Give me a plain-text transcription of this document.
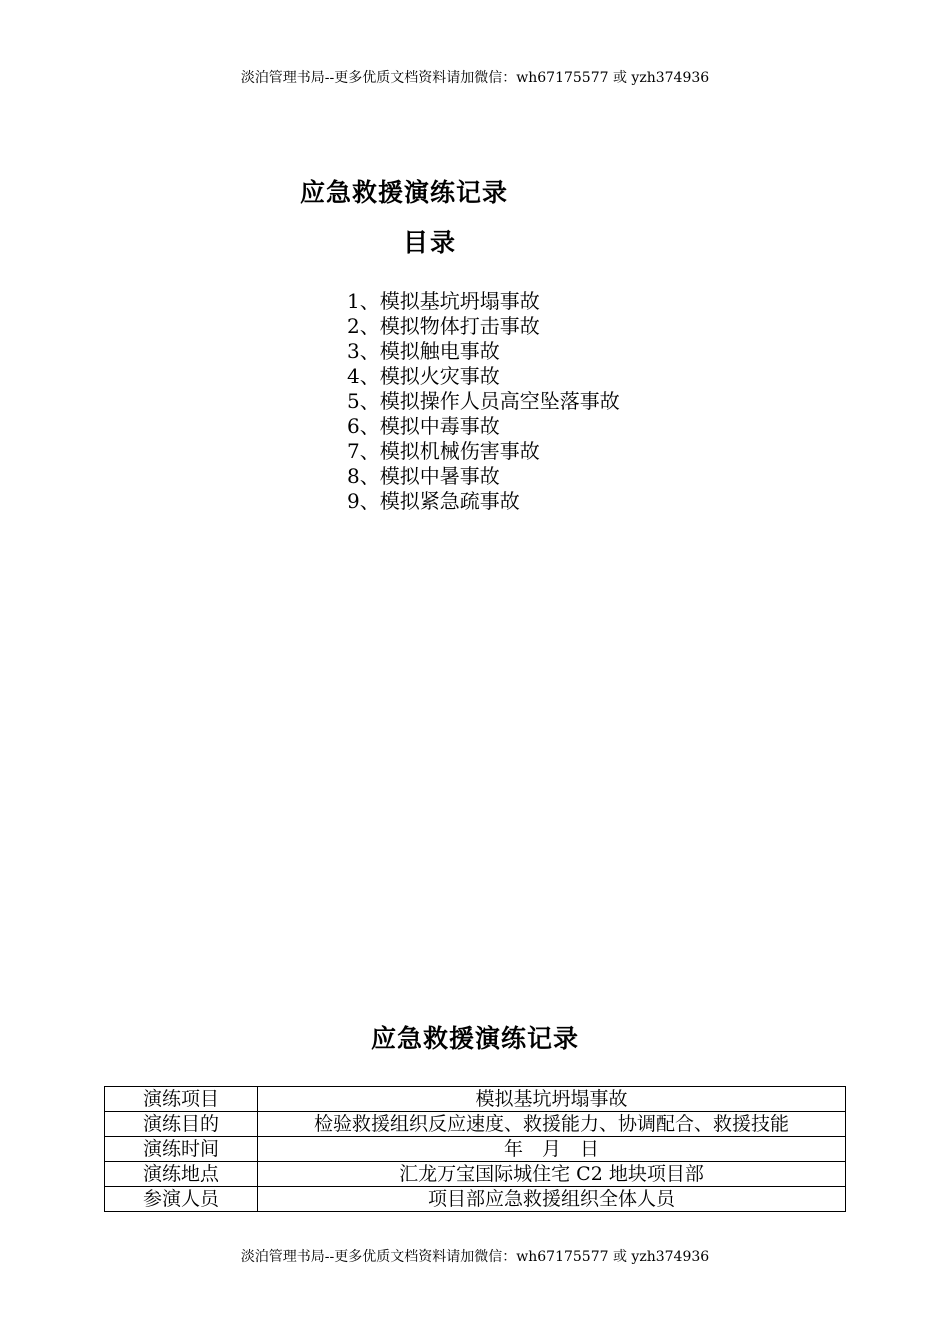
淡泊管理书局--更多优质文档资料请加微信：wh67175577 或 yzh374936
应急救援演练记录
目录
1、模拟基坑坍塌事故
2、模拟物体打击事故
3、模拟触电事故
4、模拟火灾事故
5、模拟操作人员高空坠落事故
6、模拟中毒事故
7、模拟机械伤害事故
8、模拟中暑事故
9、模拟紧急疏事故
应急救援演练记录
演练项目	模拟基坑坍塌事故
演练目的	检验救援组织反应速度、救援能力、协调配合、救援技能
演练时间	年　月　日
演练地点	汇龙万宝国际城住宅 C2 地块项目部
参演人员	项目部应急救援组织全体人员
淡泊管理书局--更多优质文档资料请加微信：wh67175577 或 yzh374936
